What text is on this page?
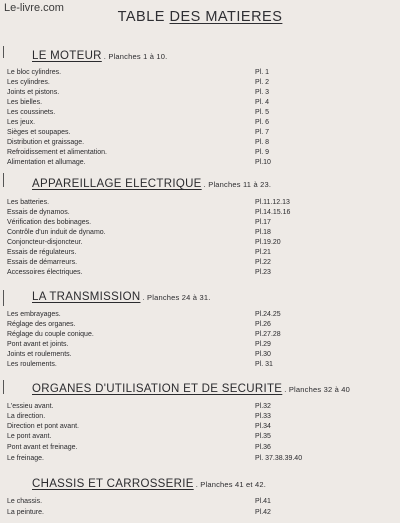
Le-livre.com
TABLE DES MATIERES
LE MOTEUR . Planches 1 à 10.
Le bloc cylindres.	Pl. 1
Les cylindres.	Pl. 2
Joints et pistons.	Pl. 3
Les bielles.	Pl. 4
Les coussinets.	Pl. 5
Les jeux.	Pl. 6
Sièges et soupapes.	Pl. 7
Distribution et graissage.	Pl. 8
Refroidissement et alimentation.	Pl. 9
Alimentation et allumage.	Pl.10
APPAREILLAGE ELECTRIQUE . Planches 11 à 23.
Les batteries.	Pl.11.12.13
Essais de dynamos.	Pl.14.15.16
Vérification des bobinages.	Pl.17
Contrôle d'un induit de dynamo.	Pl.18
Conjoncteur-disjoncteur.	Pl.19.20
Essais de régulateurs.	Pl.21
Essais de démarreurs.	Pl.22
Accessoires électriques.	Pl.23
LA TRANSMISSION . Planches 24 à 31.
Les embrayages.	Pl.24.25
Réglage des organes.	Pl.26
Réglage du couple conique.	Pl.27.28
Pont avant et joints.	Pl.29
Joints et roulements.	Pl.30
Les roulements.	Pl. 31
ORGANES D'UTILISATION ET DE SECURITE . Planches 32 à 40
L'essieu avant.	Pl.32
La direction.	Pl.33
Direction et pont avant.	Pl.34
Le pont avant.	Pl.35
Pont avant et freinage.	Pl.36
Le freinage.	Pl. 37.38.39.40
CHASSIS ET CARROSSERIE . Planches 41 et 42.
Le chassis.	Pl.41
La peinture.	Pl.42
